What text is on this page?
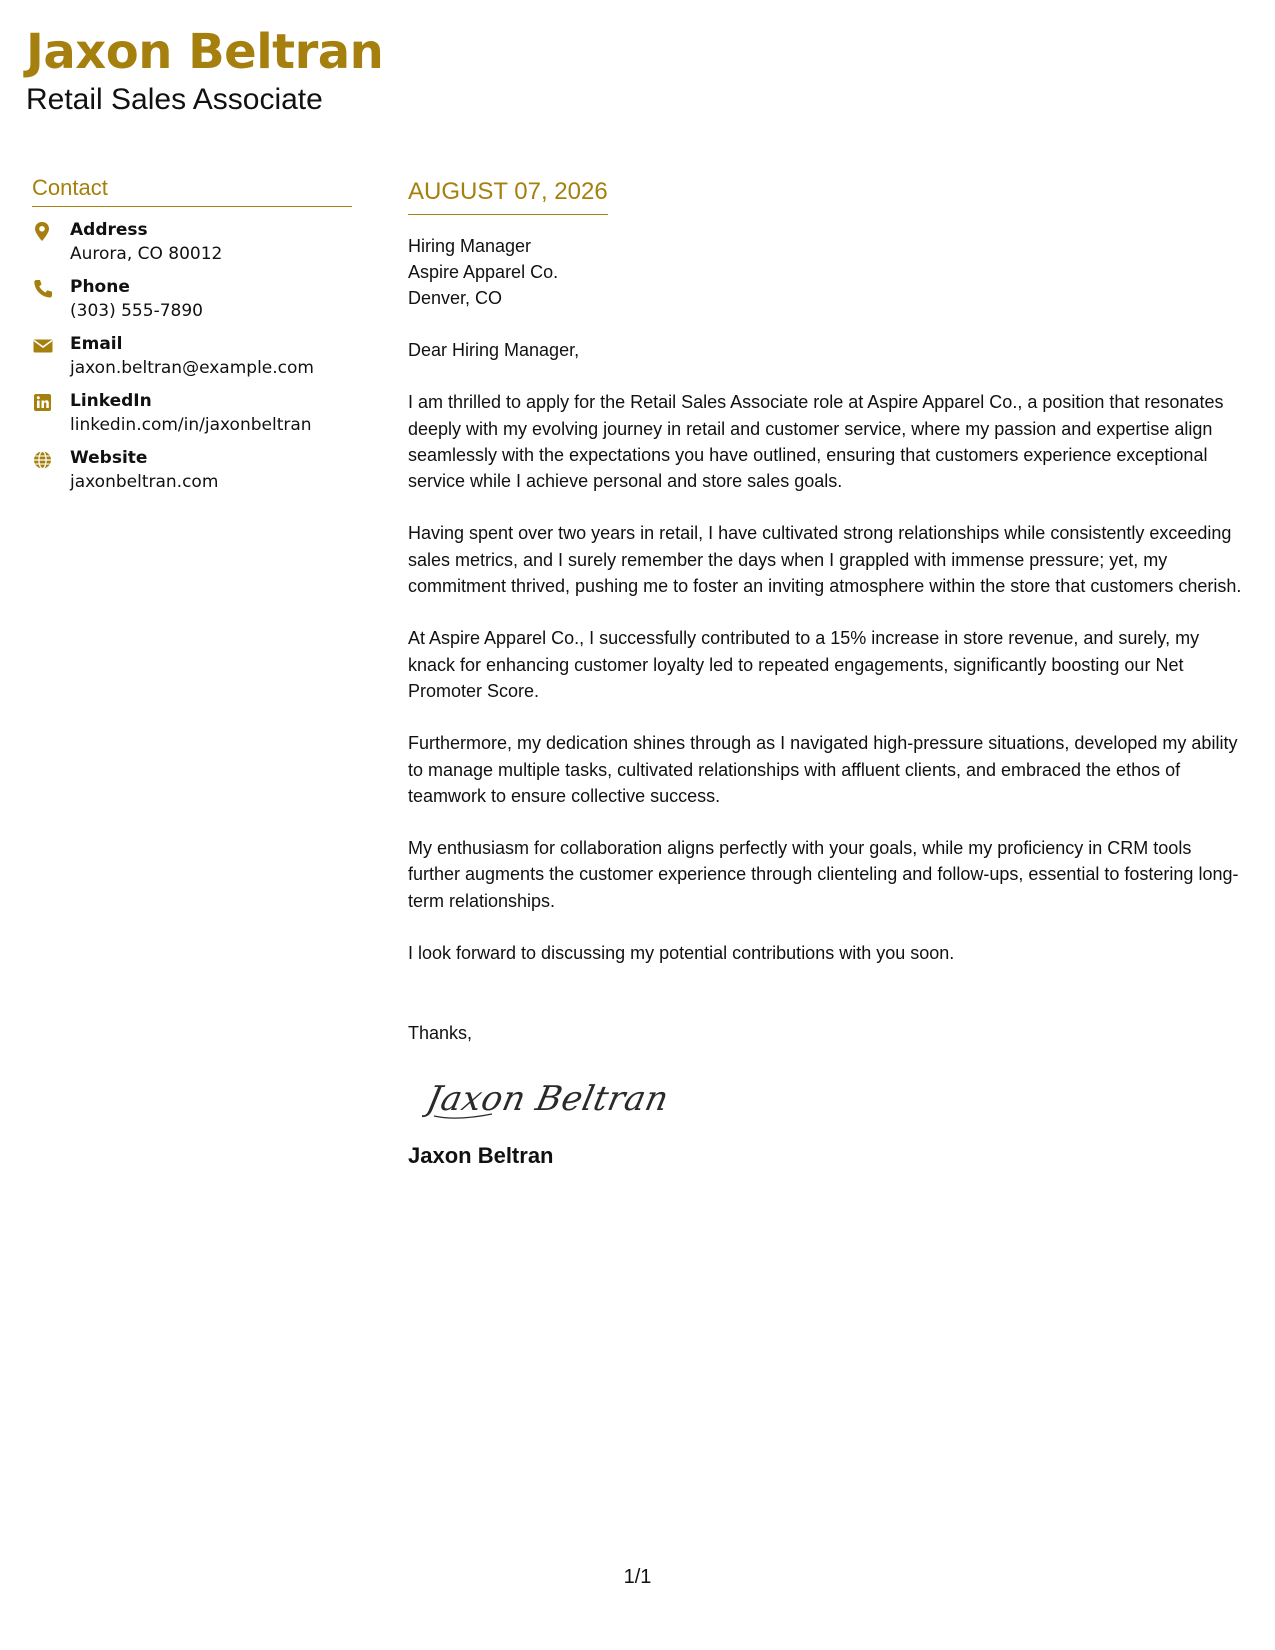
Jaxon Beltran
Retail Sales Associate
Contact
Address
Aurora, CO 80012
Phone
(303) 555-7890
Email
jaxon.beltran@example.com
LinkedIn
linkedin.com/in/jaxonbeltran
Website
jaxonbeltran.com
AUGUST 07, 2026
Hiring Manager
Aspire Apparel Co.
Denver, CO

Dear Hiring Manager,

I am thrilled to apply for the Retail Sales Associate role at Aspire Apparel Co., a position that resonates deeply with my evolving journey in retail and customer service, where my passion and expertise align seamlessly with the expectations you have outlined, ensuring that customers experience exceptional service while I achieve personal and store sales goals.

Having spent over two years in retail, I have cultivated strong relationships while consistently exceeding sales metrics, and I surely remember the days when I grappled with immense pressure; yet, my commitment thrived, pushing me to foster an inviting atmosphere within the store that customers cherish.

At Aspire Apparel Co., I successfully contributed to a 15% increase in store revenue, and surely, my knack for enhancing customer loyalty led to repeated engagements, significantly boosting our Net Promoter Score.

Furthermore, my dedication shines through as I navigated high-pressure situations, developed my ability to manage multiple tasks, cultivated relationships with affluent clients, and embraced the ethos of teamwork to ensure collective success.

My enthusiasm for collaboration aligns perfectly with your goals, while my proficiency in CRM tools further augments the customer experience through clienteling and follow-ups, essential to fostering long-term relationships.

I look forward to discussing my potential contributions with you soon.

Thanks,
Jaxon Beltran
Jaxon Beltran
1/1
